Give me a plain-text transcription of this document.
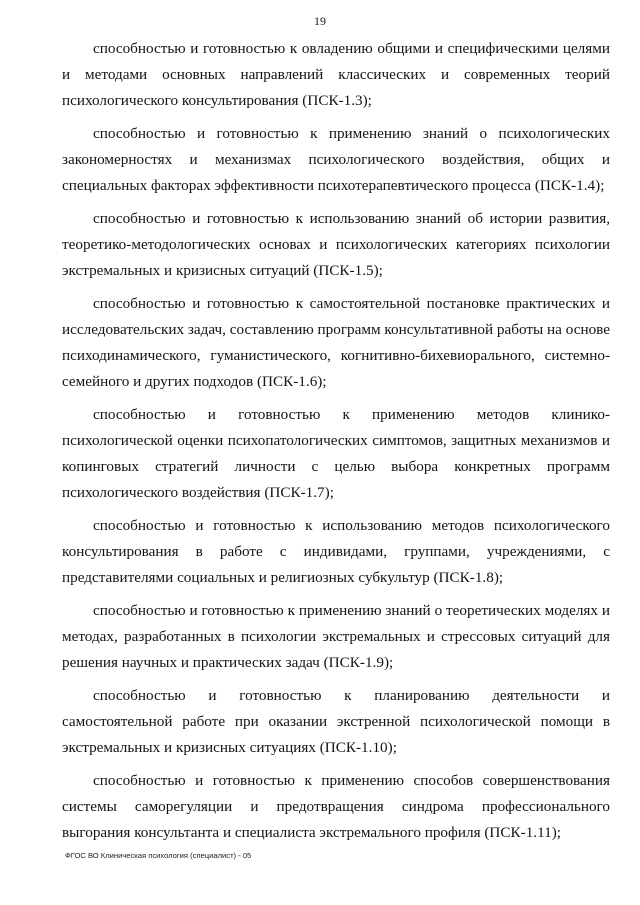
19

способностью и готовностью к овладению общими и специфическими целями и методами основных направлений классических и современных теорий психологического консультирования (ПСК-1.3);

способностью и готовностью к применению знаний о психологических закономерностях и механизмах психологического воздействия, общих и специальных факторах эффективности психотерапевтического процесса (ПСК-1.4);

способностью и готовностью к использованию знаний об истории развития, теоретико-методологических основах и психологических категориях психологии экстремальных и кризисных ситуаций (ПСК-1.5);

способностью и готовностью к самостоятельной постановке практических и исследовательских задач, составлению программ консультативной работы на основе психодинамического, гуманистического, когнитивно-бихевиорального, системно-семейного и других подходов (ПСК-1.6);

способностью и готовностью к применению методов клинико-психологической оценки психопатологических симптомов, защитных механизмов и копинговых стратегий личности с целью выбора конкретных программ психологического воздействия (ПСК-1.7);

способностью и готовностью к использованию методов психологического консультирования в работе с индивидами, группами, учреждениями, с представителями социальных и религиозных субкультур (ПСК-1.8);

способностью и готовностью к применению знаний о теоретических моделях и методах, разработанных в психологии экстремальных и стрессовых ситуаций для решения научных и практических задач (ПСК-1.9);

способностью и готовностью к планированию деятельности и самостоятельной работе при оказании экстренной психологической помощи в экстремальных и кризисных ситуациях (ПСК-1.10);

способностью и готовностью к применению способов совершенствования системы саморегуляции и предотвращения синдрома профессионального выгорания консультанта и специалиста экстремального профиля (ПСК-1.11);

ФГОС ВО Клиническая психология (специалист) - 05
